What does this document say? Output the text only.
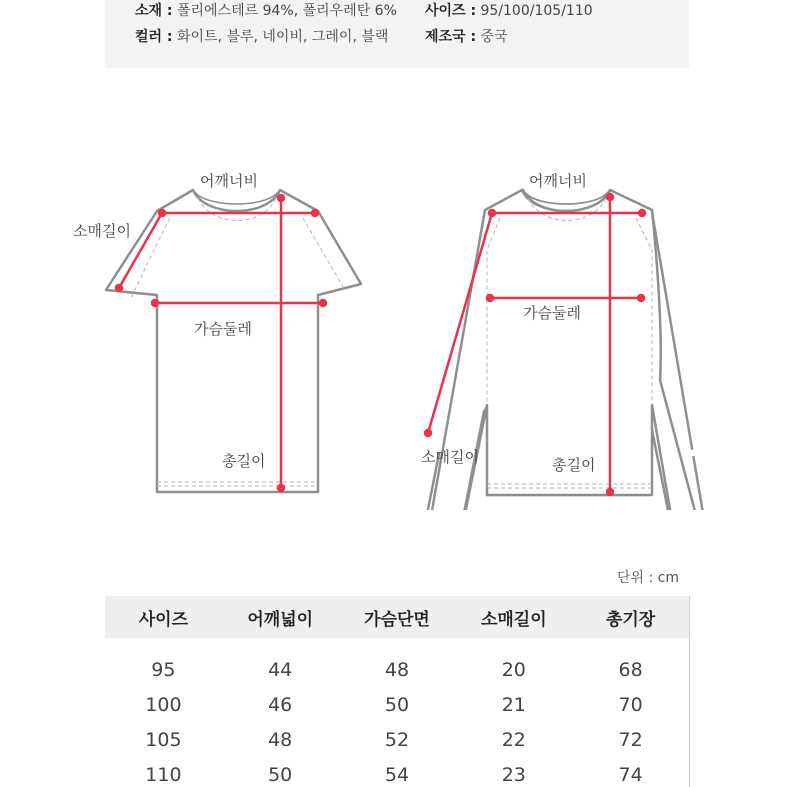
소재 : 폴리에스테르 94%, 폴리우레탄 6% 사이즈 : 95/100/105/110
컬러 : 화이트, 블루, 네이비, 그레이, 블랙	제조국 : 중국
어깨너비
소매길이
가슴둘레
총길이
어깨너비
가슴둘레
소매길이	총길이
단위 : cm
사이즈	어깨넓이	가슴단면	소매길이	총기장
95	44	48	20	68
100	46	50	21	70
105	48	52	22	72
110	50	54	23	74
